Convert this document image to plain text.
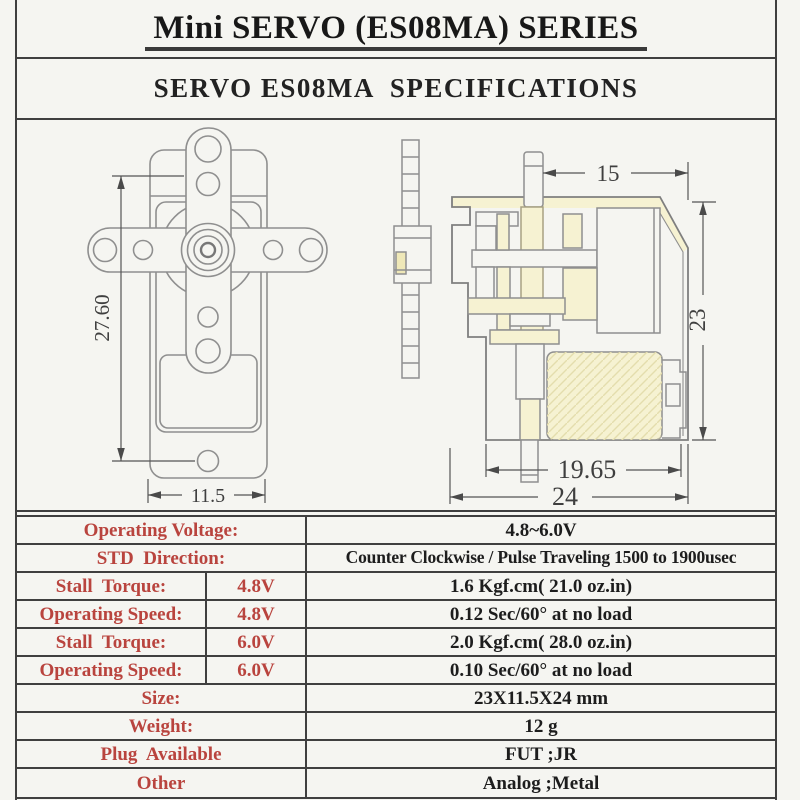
Mini SERVO (ES08MA) SERIES
SERVO ES08MA  SPECIFICATIONS
27.60
11.5
15
23
19.65
24
Operating Voltage:	4.8~6.0V
STD  Direction:	Counter Clockwise / Pulse Traveling 1500 to 1900usec
Stall  Torque:	4.8V	1.6 Kgf.cm( 21.0 oz.in)
Operating Speed:	4.8V	0.12 Sec/60° at no load
Stall  Torque:	6.0V	2.0 Kgf.cm( 28.0 oz.in)
Operating Speed:	6.0V	0.10 Sec/60° at no load
Size:	23X11.5X24 mm
Weight:	12 g
Plug  Available	FUT ;JR
Other	Analog ;Metal
